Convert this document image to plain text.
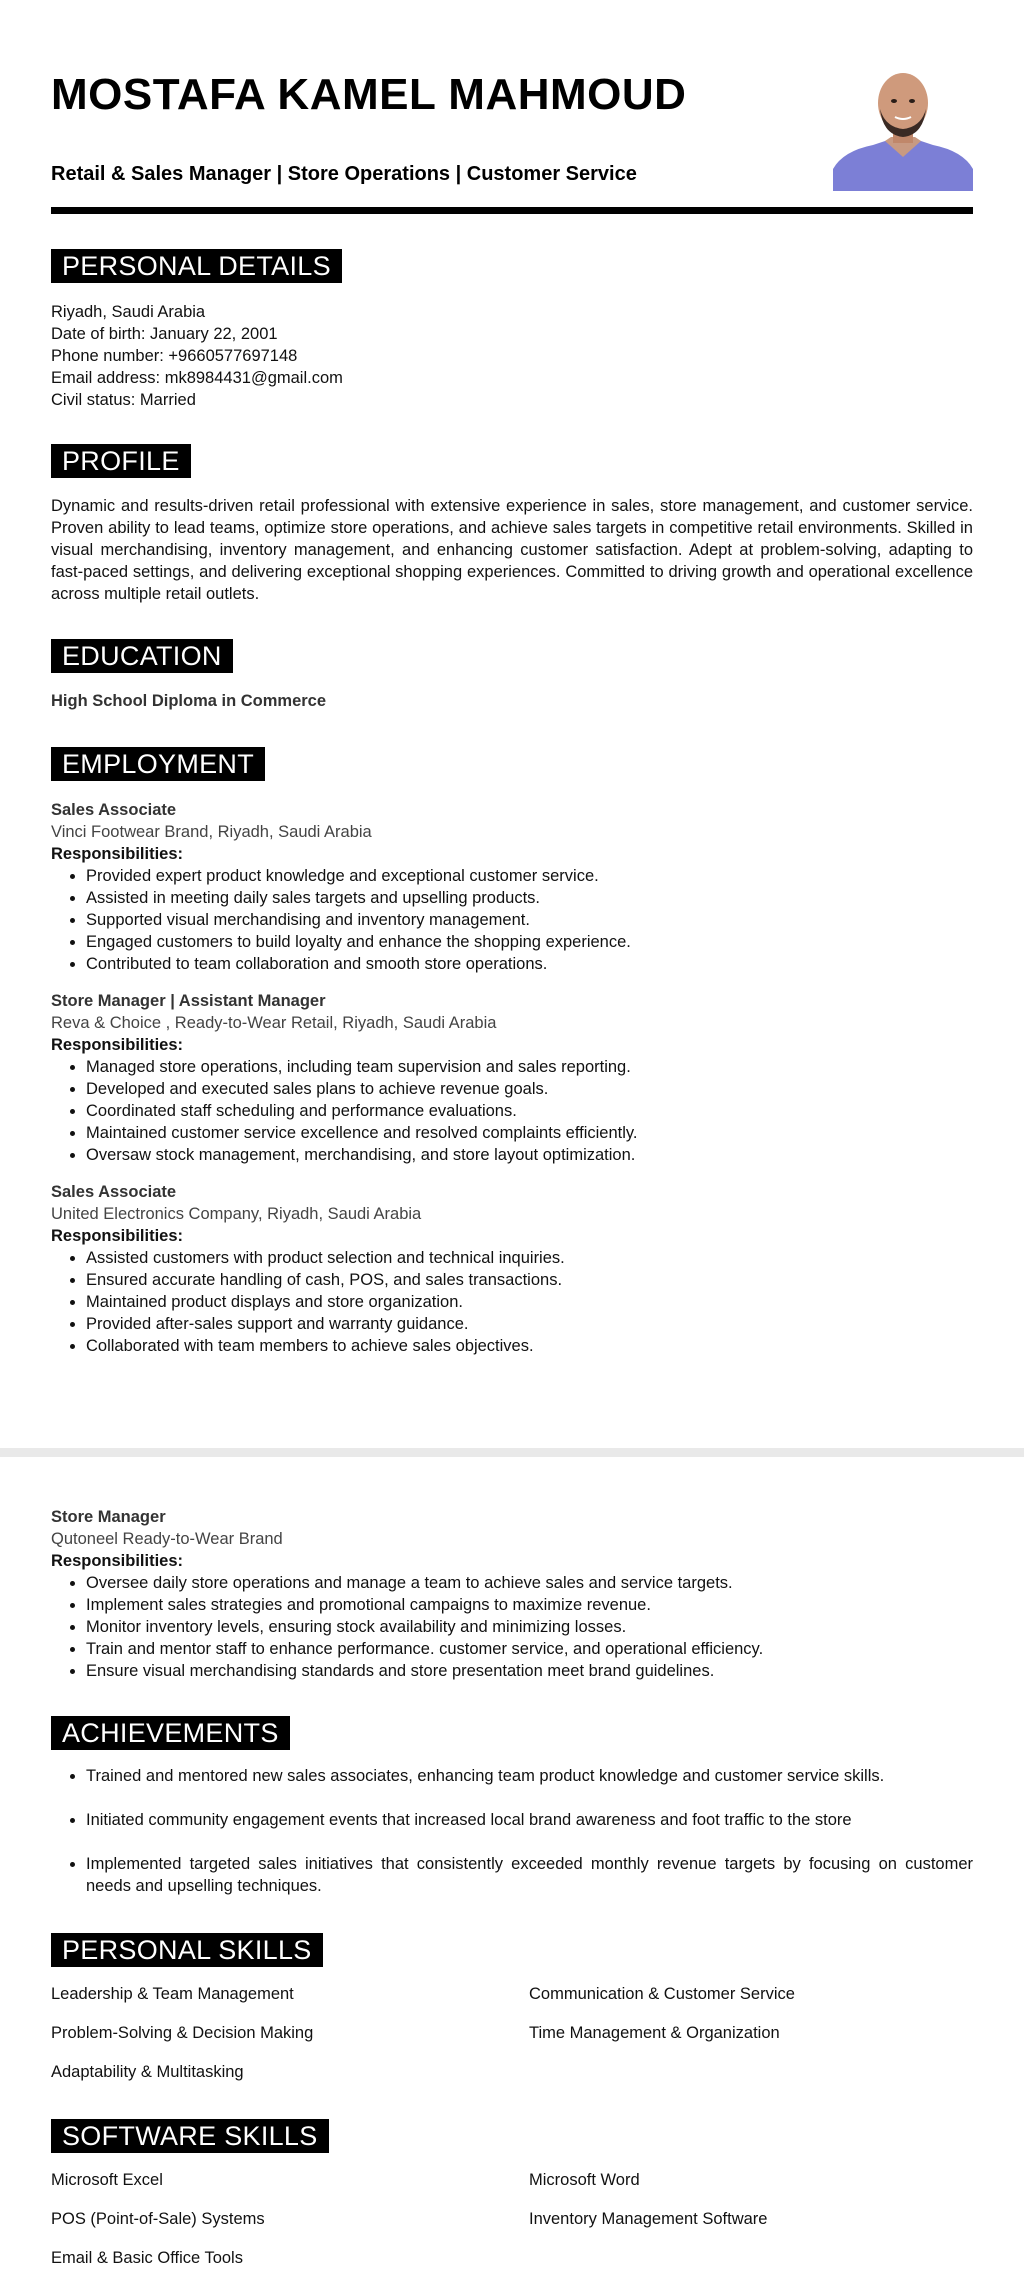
MOSTAFA KAMEL MAHMOUD
Retail & Sales Manager | Store Operations | Customer Service
PERSONAL DETAILS
Riyadh, Saudi Arabia
Date of birth: January 22, 2001
Phone number: +9660577697148
Email address: mk8984431@gmail.com
Civil status: Married
PROFILE
Dynamic and results-driven retail professional with extensive experience in sales, store management, and customer service. Proven ability to lead teams, optimize store operations, and achieve sales targets in competitive retail environments. Skilled in visual merchandising, inventory management, and enhancing customer satisfaction. Adept at problem-solving, adapting to fast-paced settings, and delivering exceptional shopping experiences. Committed to driving growth and operational excellence across multiple retail outlets.
EDUCATION
High School Diploma in Commerce
EMPLOYMENT
Sales Associate
Vinci Footwear Brand, Riyadh, Saudi Arabia
Responsibilities:
• Provided expert product knowledge and exceptional customer service.
• Assisted in meeting daily sales targets and upselling products.
• Supported visual merchandising and inventory management.
• Engaged customers to build loyalty and enhance the shopping experience.
• Contributed to team collaboration and smooth store operations.
Store Manager | Assistant Manager
Reva & Choice , Ready-to-Wear Retail, Riyadh, Saudi Arabia
Responsibilities:
• Managed store operations, including team supervision and sales reporting.
• Developed and executed sales plans to achieve revenue goals.
• Coordinated staff scheduling and performance evaluations.
• Maintained customer service excellence and resolved complaints efficiently.
• Oversaw stock management, merchandising, and store layout optimization.
Sales Associate
United Electronics Company, Riyadh, Saudi Arabia
Responsibilities:
• Assisted customers with product selection and technical inquiries.
• Ensured accurate handling of cash, POS, and sales transactions.
• Maintained product displays and store organization.
• Provided after-sales support and warranty guidance.
• Collaborated with team members to achieve sales objectives.
Store Manager
Qutoneel Ready-to-Wear Brand
Responsibilities:
• Oversee daily store operations and manage a team to achieve sales and service targets.
• Implement sales strategies and promotional campaigns to maximize revenue.
• Monitor inventory levels, ensuring stock availability and minimizing losses.
• Train and mentor staff to enhance performance. customer service, and operational efficiency.
• Ensure visual merchandising standards and store presentation meet brand guidelines.
ACHIEVEMENTS
• Trained and mentored new sales associates, enhancing team product knowledge and customer service skills.
• Initiated community engagement events that increased local brand awareness and foot traffic to the store
• Implemented targeted sales initiatives that consistently exceeded monthly revenue targets by focusing on customer needs and upselling techniques.
PERSONAL SKILLS
Leadership & Team Management	Communication & Customer Service
Problem-Solving & Decision Making	Time Management & Organization
Adaptability & Multitasking
SOFTWARE SKILLS
Microsoft Excel	Microsoft Word
POS (Point-of-Sale) Systems	Inventory Management Software
Email & Basic Office Tools
